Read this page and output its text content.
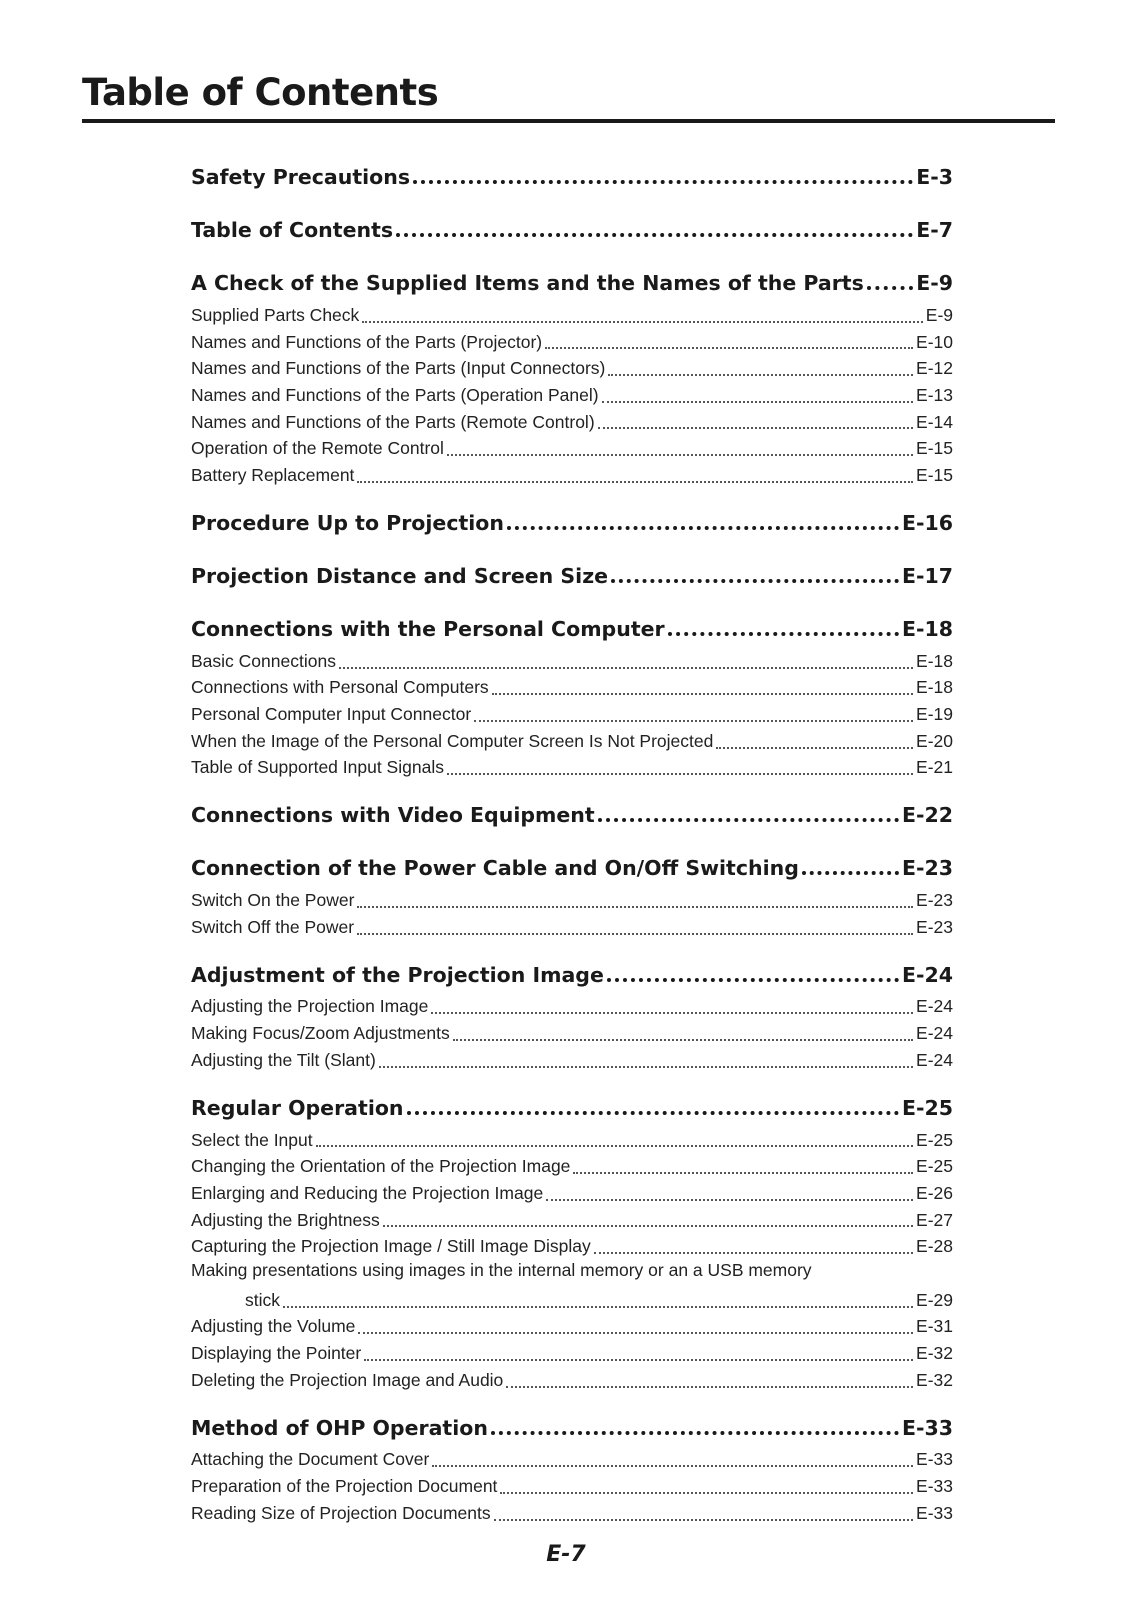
Table of Contents
Safety Precautions	E-3
Table of Contents	E-7
A Check of the Supplied Items and the Names of the Parts	E-9
Supplied Parts Check	E-9
Names and Functions of the Parts (Projector)	E-10
Names and Functions of the Parts (Input Connectors)	E-12
Names and Functions of the Parts (Operation Panel)	E-13
Names and Functions of the Parts (Remote Control)	E-14
Operation of the Remote Control	E-15
Battery Replacement	E-15
Procedure Up to Projection	E-16
Projection Distance and Screen Size	E-17
Connections with the Personal Computer	E-18
Basic Connections	E-18
Connections with Personal Computers	E-18
Personal Computer Input Connector	E-19
When the Image of the Personal Computer Screen Is Not Projected	E-20
Table of Supported Input Signals	E-21
Connections with Video Equipment	E-22
Connection of the Power Cable and On/Off Switching	E-23
Switch On the Power	E-23
Switch Off the Power	E-23
Adjustment of the Projection Image	E-24
Adjusting the Projection Image	E-24
Making Focus/Zoom Adjustments	E-24
Adjusting the Tilt (Slant)	E-24
Regular Operation	E-25
Select the Input	E-25
Changing the Orientation of the Projection Image	E-25
Enlarging and Reducing the Projection Image	E-26
Adjusting the Brightness	E-27
Capturing the Projection Image / Still Image Display	E-28
Making presentations using images in the internal memory or an a USB memory
stick	E-29
Adjusting the Volume	E-31
Displaying the Pointer	E-32
Deleting the Projection Image and Audio	E-32
Method of OHP Operation	E-33
Attaching the Document Cover	E-33
Preparation of the Projection Document	E-33
Reading Size of Projection Documents	E-33
E-7
